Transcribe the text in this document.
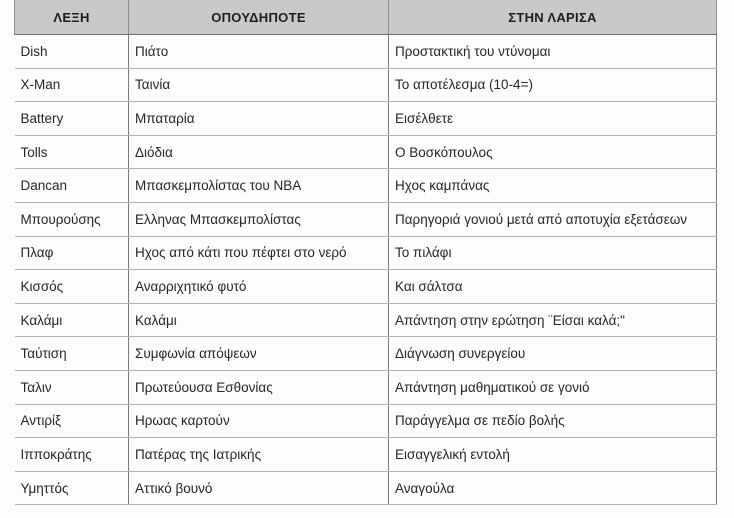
ΛΕΞΗ	ΟΠΟΥΔΗΠΟΤΕ	ΣΤΗΝ ΛΑΡΙΣΑ
Dish	Πιάτο	Προστακτική του ντύνομαι
X-Man	Ταινία	Το αποτέλεσμα (10-4=)
Battery	Μπαταρία	Εισέλθετε
Tolls	Διόδια	Ο Βοσκόπουλος
Dancan	Μπασκεμπολίστας του NBA	Ηχος καμπάνας
Μπουρούσης	Ελληνας Μπασκεμπολίστας	Παρηγοριά γονιού μετά από αποτυχία εξετάσεων
Πλαφ	Ηχος από κάτι που πέφτει στο νερό	Το πιλάφι
Κισσός	Αναρριχητικό φυτό	Και σάλτσα
Καλάμι	Καλάμι	Απάντηση στην ερώτηση ¨Είσαι καλά;"
Ταύτιση	Συμφωνία απόψεων	Διάγνωση συνεργείου
Ταλιν	Πρωτεύουσα Εσθονίας	Απάντηση μαθηματικού σε γονιό
Αντιρίξ	Ηρωας καρτούν	Παράγγελμα σε πεδίο βολής
Ιπποκράτης	Πατέρας της Ιατρικής	Εισαγγελική εντολή
Υμηττός	Αττικό βουνό	Αναγούλα
